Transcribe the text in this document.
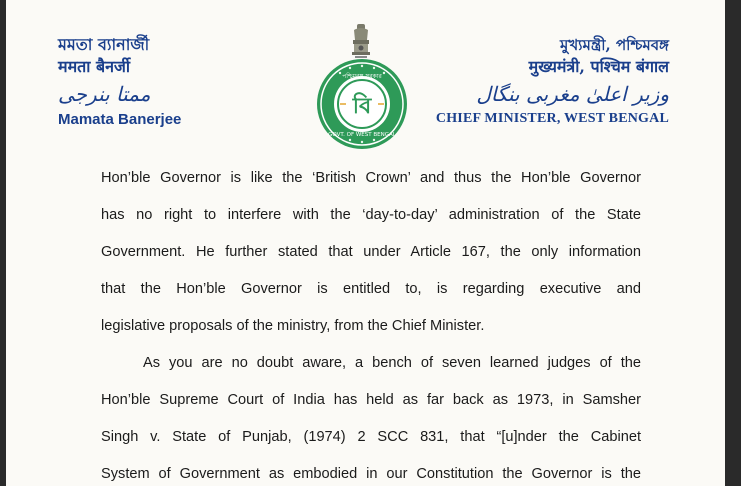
মমতা ব্যানার্জী
ममता बैनर्जी
ممتا بنرجی
Mamata Banerjee
পশ্চিমবঙ্গ সরকার
GOVT. OF WEST BENGAL
বি
মুখ্যমন্ত্রী, পশ্চিমবঙ্গ
मुख्यमंत्री, पश्चिम बंगाल
وزیر اعلیٰ مغربی بنگال
CHIEF MINISTER, WEST BENGAL

Hon’ble Governor is like the ‘British Crown’ and thus the Hon’ble Governor

has no right to interfere with the ‘day-to-day’ administration of the State

Government. He further stated that under Article 167, the only information

that the Hon’ble Governor is entitled to, is regarding executive and

legislative proposals of the ministry, from the Chief Minister.

As you are no doubt aware, a bench of seven learned judges of the

Hon’ble Supreme Court of India has held as far back as 1973, in Samsher

Singh v. State of Punjab, (1974) 2 SCC 831, that “[u]nder the Cabinet

System of Government as embodied in our Constitution the Governor is the
